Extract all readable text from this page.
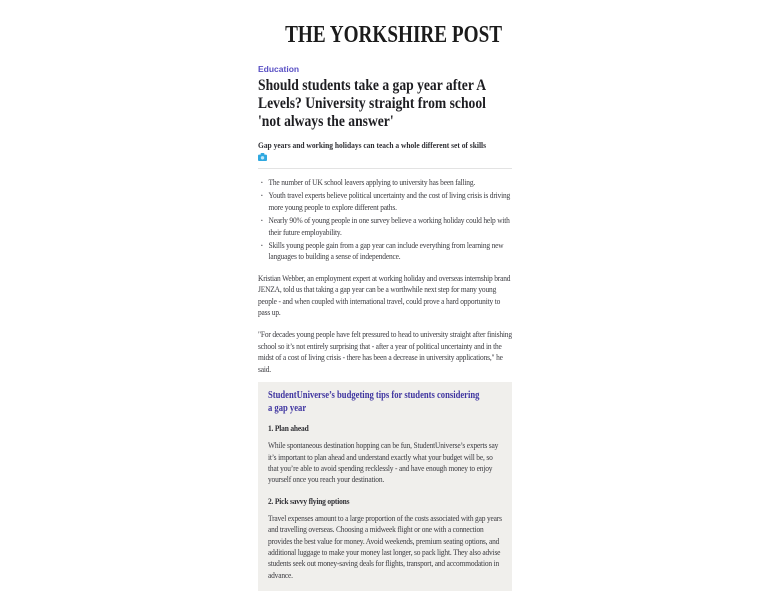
THE YORKSHIRE POST
Education
Should students take a gap year after A
Levels? University straight from school
'not always the answer'
Gap years and working holidays can teach a whole different set of skills
· The number of UK school leavers applying to university has been falling.
· Youth travel experts believe political uncertainty and the cost of living crisis is driving more young people to explore different paths.
· Nearly 90% of young people in one survey believe a working holiday could help with their future employability.
· Skills young people gain from a gap year can include everything from learning new languages to building a sense of independence.

Kristian Webber, an employment expert at working holiday and overseas internship brand JENZA, told us that taking a gap year can be a worthwhile next step for many young people - and when coupled with international travel, could prove a hard opportunity to pass up.

"For decades young people have felt pressured to head to university straight after finishing school so it’s not entirely surprising that - after a year of political uncertainty and in the midst of a cost of living crisis - there has been a decrease in university applications," he said.

StudentUniverse’s budgeting tips for students considering
a gap year
1. Plan ahead

While spontaneous destination hopping can be fun, StudentUniverse’s experts say it’s important to plan ahead and understand exactly what your budget will be, so that you’re able to avoid spending recklessly - and have enough money to enjoy yourself once you reach your destination.

2. Pick savvy flying options

Travel expenses amount to a large proportion of the costs associated with gap years and travelling overseas. Choosing a midweek flight or one with a connection provides the best value for money. Avoid weekends, premium seating options, and additional luggage to make your money last longer, so pack light. They also advise students seek out money-saving deals for flights, transport, and accommodation in advance.
